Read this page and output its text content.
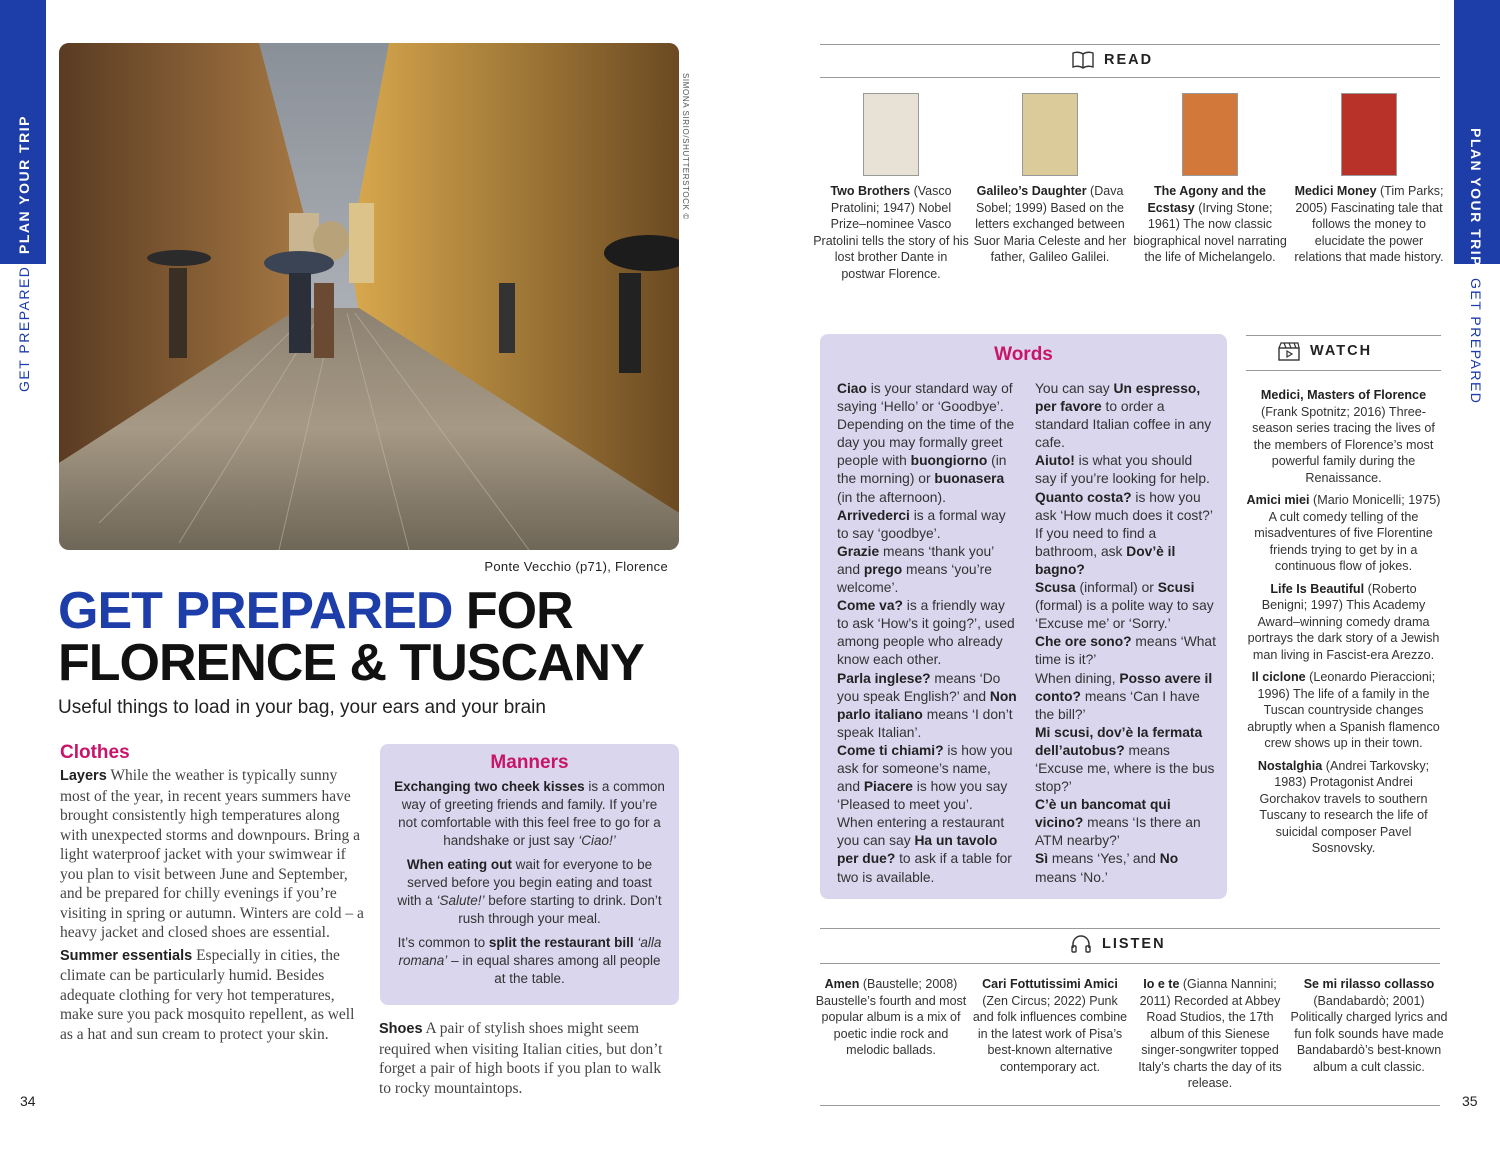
PLAN YOUR TRIP
GET PREPARED
PLAN YOUR TRIP
GET PREPARED
SIMONA SIRIO/SHUTTERSTOCK ©
Ponte Vecchio (p71), Florence
GET PREPARED FOR
FLORENCE & TUSCANY
Useful things to load in your bag, your ears and your brain
Clothes
Layers While the weather is typically sunny most of the year, in recent years summers have brought consistently high temperatures along with unexpected storms and downpours. Bring a light waterproof jacket with your swimwear if you plan to visit between June and September, and be prepared for chilly evenings if you’re visiting in spring or autumn. Winters are cold – a heavy jacket and closed shoes are essential.
Summer essentials Especially in cities, the climate can be particularly humid. Besides adequate clothing for very hot temperatures, make sure you pack mosquito repellent, as well as a hat and sun cream to protect your skin.	Shoes A pair of stylish shoes might seem required when visiting Italian cities, but don’t forget a pair of high boots if you plan to walk to rocky mountaintops.
Manners

Exchanging two cheek kisses is a common way of greeting friends and family. If you’re not comfortable with this feel free to go for a handshake or just say ‘Ciao!’

When eating out wait for everyone to be served before you begin eating and toast with a ‘Salute!’ before starting to drink. Don’t rush through your meal.

It’s common to split the restaurant bill ‘alla romana’ – in equal shares among all people at the table.

READ
Two Brothers (Vasco Pratolini; 1947) Nobel Prize–nominee Vasco Pratolini tells the story of his lost brother Dante in postwar Florence.
Galileo’s Daughter (Dava Sobel; 1999) Based on the letters exchanged between Suor Maria Celeste and her father, Galileo Galilei.
The Agony and the Ecstasy (Irving Stone; 1961) The now classic biographical novel narrating the life of Michelangelo.
Medici Money (Tim Parks; 2005) Fascinating tale that follows the money to elucidate the power relations that made history.
Words

Ciao is your standard way of saying ‘Hello’ or ‘Goodbye’. Depending on the time of the day you may formally greet people with buongiorno (in the morning) or buonasera (in the afternoon).

Arrivederci is a formal way to say ‘goodbye’.

Grazie means ‘thank you’ and prego means ‘you’re welcome’.

Come va? is a friendly way to ask ‘How’s it going?’, used among people who already know each other.

Parla inglese? means ‘Do you speak English?’ and Non parlo italiano means ‘I don’t speak Italian’.

Come ti chiami? is how you ask for someone’s name, and Piacere is how you say ‘Pleased to meet you’.

When entering a restaurant you can say Ha un tavolo per due? to ask if a table for two is available.

You can say Un espresso, per favore to order a standard Italian coffee in any cafe.

Aiuto! is what you should say if you’re looking for help.

Quanto costa? is how you ask ‘How much does it cost?’

If you need to find a bathroom, ask Dov’è il bagno?

Scusa (informal) or Scusi (formal) is a polite way to say ‘Excuse me’ or ‘Sorry.’

Che ore sono? means ‘What time is it?’

When dining, Posso avere il conto? means ‘Can I have the bill?’

Mi scusi, dov’è la fermata dell’autobus? means ‘Excuse me, where is the bus stop?’

C’è un bancomat qui vicino? means ‘Is there an ATM nearby?’

Sì means ‘Yes,’ and No means ‘No.’

WATCH

Medici, Masters of Florence (Frank Spotnitz; 2016) Three-season series tracing the lives of the members of Florence’s most powerful family during the Renaissance.

Amici miei (Mario Monicelli; 1975) A cult comedy telling of the misadventures of five Florentine friends trying to get by in a continuous flow of jokes.

Life Is Beautiful (Roberto Benigni; 1997) This Academy Award–winning comedy drama portrays the dark story of a Jewish man living in Fascist-era Arezzo.

Il ciclone (Leonardo Pieraccioni; 1996) The life of a family in the Tuscan countryside changes abruptly when a Spanish flamenco crew shows up in their town.

Nostalghia (Andrei Tarkovsky; 1983) Protagonist Andrei Gorchakov travels to southern Tuscany to research the life of suicidal composer Pavel Sosnovsky.

LISTEN
Amen (Baustelle; 2008) Baustelle’s fourth and most popular album is a mix of poetic indie rock and melodic ballads.
Cari Fottutissimi Amici (Zen Circus; 2022) Punk and folk influences combine in the latest work of Pisa’s best-known alternative contemporary act.
Io e te (Gianna Nannini; 2011) Recorded at Abbey Road Studios, the 17th album of this Sienese singer-songwriter topped Italy’s charts the day of its release.
Se mi rilasso collasso (Bandabardò; 2001) Politically charged lyrics and fun folk sounds have made Bandabardò’s best-known album a cult classic.
34	35
